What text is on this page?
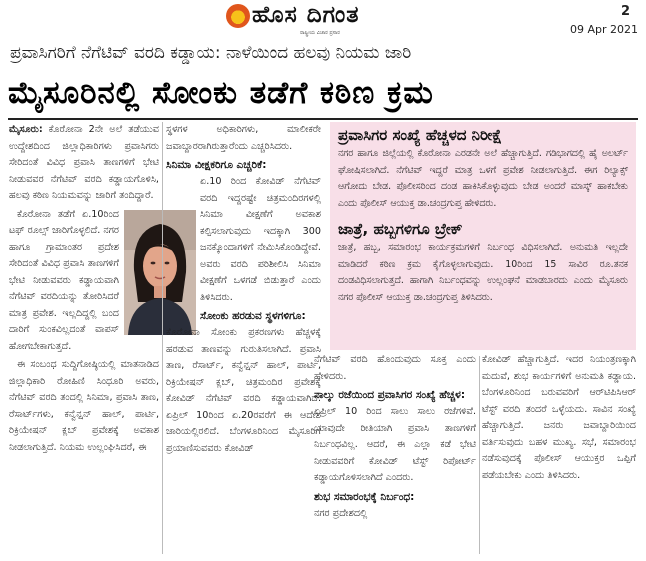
ಹೊಸ ದಿಗಂತ
ರಾಷ್ಟ್ರೀಯ ವಿಚಾರ ಪ್ರಸಾರ
2
09 Apr 2021
ಪ್ರವಾಸಿಗರಿಗೆ ನೆಗೆಟಿವ್ ವರದಿ ಕಡ್ಡಾಯ: ನಾಳೆಯಿಂದ ಹಲವು ನಿಯಮ ಜಾರಿ
ಮೈಸೂರಿನಲ್ಲಿ ಸೋಂಕು ತಡೆಗೆ ಕಠಿಣ ಕ್ರಮ

ಮೈಸೂರು: ಕೊರೋನಾ 2ನೇ ಅಲೆ ತಡೆಯುವ ಉದ್ದೇಶದಿಂದ ಜಿಲ್ಲಾಧಿಕಾರಿಗಳು ಪ್ರವಾಸಿಗರು ಸೇರಿದಂತೆ ವಿವಿಧ ಪ್ರವಾಸಿ ತಾಣಗಳಿಗೆ ಭೇಟಿ ನೀಡುವವರ ನೆಗೆಟಿವ್ ವರದಿ ಕಡ್ಡಾಯಗೊಳಿಸಿ, ಹಲವು ಕಠಿಣ ನಿಯಮವನ್ನು ಜಾರಿಗೆ ತಂದಿದ್ದಾರೆ.

ಕೊರೋನಾ ತಡೆಗೆ ಏ.10ರಿಂದ ಟಫ್ ರೂಲ್ಸ್ ಜಾರಿಗೊಳ್ಳಲಿದೆ. ನಗರ ಹಾಗೂ ಗ್ರಾಮಾಂತರ ಪ್ರದೇಶ ಸೇರಿದಂತೆ ವಿವಿಧ ಪ್ರವಾಸಿ ತಾಣಗಳಿಗೆ ಭೇಟಿ ನೀಡುವವರು ಕಡ್ಡಾಯವಾಗಿ ನೆಗೆಟಿವ್ ವರದಿಯನ್ನು ತೋರಿಸಿದರೆ ಮಾತ್ರ ಪ್ರವೇಶ. ಇಲ್ಲದಿದ್ದಲ್ಲಿ ಬಂದ ದಾರಿಗೆ ಸುಂಕವಿಲ್ಲದಂತೆ ವಾಪಸ್ ಹೋಗಬೇಕಾಗುತ್ತದೆ.

ಈ ಸಂಬಂಧ ಸುದ್ದಿಗೋಷ್ಠಿಯಲ್ಲಿ ಮಾತನಾಡಿದ ಜಿಲ್ಲಾಧಿಕಾರಿ ರೋಹಿಣಿ ಸಿಂಧೂರಿ ಅವರು, ನೆಗೆಟಿವ್ ವರದಿ ತಂದಲ್ಲಿ ಸಿನಿಮಾ, ಪ್ರವಾಸಿ ತಾಣ, ರೆಸಾರ್ಟ್‌ಗಳು, ಕನ್ವೆನ್ಷನ್ ಹಾಲ್, ಪಾರ್ಟಿ, ರಿಕ್ರಿಯೇಷನ್ ಕ್ಲಬ್ ಪ್ರವೇಶಕ್ಕೆ ಅವಕಾಶ ನೀಡಲಾಗುತ್ತಿದೆ. ನಿಯಮ ಉಲ್ಲಂಘಿಸಿದರೆ, ಈ

ಸ್ಥಳಗಳ ಅಧಿಕಾರಿಗಳು, ಮಾಲೀಕರೇ ಜವಾಬ್ದಾರರಾಗಿರುತ್ತಾರೆಂದು ಎಚ್ಚರಿಸಿದರು.

ಸಿನಿಮಾ ವೀಕ್ಷಕರಿಗೂ ಎಚ್ಚರಿಕೆ:

ಏ.10 ರಿಂದ ಕೋವಿಡ್ ನೆಗೆಟಿವ್ ವರದಿ ಇದ್ದರಷ್ಟೇ ಚಿತ್ರಮಂದಿರಗಳಲ್ಲಿ ಸಿನಿಮಾ ವೀಕ್ಷಣೆಗೆ ಅವಕಾಶ ಕಲ್ಪಿಸಲಾಗುವುದು ಇದಕ್ಕಾಗಿ 300 ಜನಕ್ಕೊಂದಾಗಳಿಗೆ ನೇಮಿಸಿಕೊಂಡಿದ್ದೇವೆ. ಅವರು ವರದಿ ಪರಿಶೀಲಿಸಿ ಸಿನಿಮಾ ವೀಕ್ಷಣೆಗೆ ಒಳಗಡೆ ಬಿಡುತ್ತಾರೆ ಎಂದು ತಿಳಿಸಿದರು.

ಸೋಂಕು ಹರಡುವ ಸ್ಥಳಗಳಿಗೂ:

ಕೊರೋನಾ ಸೋಂಕು ಪ್ರಕರಣಗಳು ಹೆಚ್ಚಳಕ್ಕೆ ಹರಡುವ ತಾಣವನ್ನು ಗುರುತಿಸಲಾಗಿದೆ. ಪ್ರವಾಸಿ ತಾಣ, ರೆಸಾರ್ಟ್, ಕನ್ವೆನ್ಷನ್ ಹಾಲ್, ಪಾರ್ಟಿ, ರಿಕ್ರಿಯೇಷನ್ ಕ್ಲಬ್, ಚಿತ್ರಮಂದಿರ ಪ್ರವೇಶಕ್ಕೆ ಕೋವಿಡ್ ನೆಗೆಟಿವ್ ವರದಿ ಕಡ್ಡಾಯವಾಗಿದೆ. ಏಪ್ರಿಲ್ 10ರಿಂದ ಏ.20ರವರೆಗೆ ಈ ಆದೇಶ ಜಾರಿಯಲ್ಲಿರಲಿದೆ. ಬೆಂಗಳೂರಿನಿಂದ ಮೈಸೂರಿಗೆ ಪ್ರಯಾಣಿಸುವವರು ಕೋವಿಡ್

ಪ್ರವಾಸಿಗರ ಸಂಖ್ಯೆ ಹೆಚ್ಚಳದ ನಿರೀಕ್ಷೆ
ನಗರ ಹಾಗೂ ಜಿಲ್ಲೆಯಲ್ಲಿ ಕೊರೋನಾ ಎರಡನೇ ಅಲೆ ಹೆಚ್ಚಾಗುತ್ತಿದೆ. ಗಡಿಭಾಗದಲ್ಲಿ ಹೈ ಅಲರ್ಟ್ ಘೋಷಿಸಲಾಗಿದೆ. ನೆಗೆಟಿವ್ ಇದ್ದರೆ ಮಾತ್ರ ಒಳಗೆ ಪ್ರವೇಶ ನೀಡಲಾಗುತ್ತಿದೆ. ಈಗ ರಿಲ್ಯಾಕ್ಸ್ ಆಗೋದು ಬೇಡ. ಪೊಲೀಸರಿಂದ ದಂಡ ಹಾಕಿಸಿಕೊಳ್ಳುವುದು ಬೇಡ ಅಂದರೆ ಮಾಸ್ಕ್ ಹಾಕಬೇಕು ಎಂದು ಪೊಲೀಸ್ ಆಯುಕ್ತ ಡಾ.ಚಂದ್ರಗುಪ್ತ ಹೇಳಿದರು.
ಜಾತ್ರೆ, ಹಬ್ಬಗಳಿಗೂ ಬ್ರೇಕ್
ಜಾತ್ರೆ, ಹಬ್ಬ, ಸಮಾರಂಭ ಕಾರ್ಯಕ್ರಮಗಳಿಗೆ ನಿರ್ಬಂಧ ವಿಧಿಸಲಾಗಿದೆ. ಅನುಮತಿ ಇಲ್ಲದೇ ಮಾಡಿದರೆ ಕಠಿಣ ಕ್ರಮ ಕೈಗೊಳ್ಳಲಾಗುವುದು. 10ರಿಂದ 15 ಸಾವಿರ ರೂ.ತನಕ ದಂಡವಿಧಿಸಲಾಗುತ್ತದೆ. ಹಾಗಾಗಿ ನಿರ್ಬಂಧವನ್ನು ಉಲ್ಲಂಘನೆ ಮಾಡಬಾರದು ಎಂದು ಮೈಸೂರು ನಗರ ಪೊಲೀಸ್ ಆಯುಕ್ತ ಡಾ.ಚಂದ್ರಗುಪ್ತ ತಿಳಿಸಿದರು.

ನೆಗೆಟಿವ್ ವರದಿ ಹೊಂದುವುದು ಸೂಕ್ತ ಎಂದು ಹೇಳಿದರು.

ನಾಲ್ಕು ರಜೆಯಿಂದ ಪ್ರವಾಸಿಗರ ಸಂಖ್ಯೆ ಹೆಚ್ಚಳ:

ಏಪ್ರಿಲ್ 10 ರಿಂದ ಸಾಲು ಸಾಲು ರಜೆಗಳಿವೆ. ಯಾವುದೇ ರೀತಿಯಾಗಿ ಪ್ರವಾಸಿ ತಾಣಗಳಿಗೆ ನಿರ್ಬಂಧವಿಲ್ಲ. ಆದರೆ, ಈ ಎಲ್ಲಾ ಕಡೆ ಭೇಟಿ ನೀಡುವವರಿಗೆ ಕೋವಿಡ್ ಟೆಸ್ಟ್ ರಿಪೋರ್ಟ್ ಕಡ್ಡಾಯಗೊಳಿಸಲಾಗಿದೆ ಎಂದರು.

ಶುಭ ಸಮಾರಂಭಕ್ಕೆ ನಿರ್ಬಂಧ:

ನಗರ ಪ್ರದೇಶದಲ್ಲಿ

ಕೋವಿಡ್ ಹೆಚ್ಚಾಗುತ್ತಿದೆ. ಇದರ ನಿಯಂತ್ರಣಕ್ಕಾಗಿ ಮದುವೆ, ಶುಭ ಕಾರ್ಯಗಳಿಗೆ ಅನುಮತಿ ಕಡ್ಡಾಯ. ಬೆಂಗಳೂರಿನಿಂದ ಬರುವವರಿಗೆ ಆರ್‌ಟಿಪಿಸಿಆರ್ ಟೆಸ್ಟ್ ವರದಿ ತಂದರೆ ಒಳ್ಳೆಯದು. ಸಾವಿನ ಸಂಖ್ಯೆ ಹೆಚ್ಚಾಗುತ್ತಿದೆ. ಜನರು ಜವಾಬ್ದಾರಿಯಿಂದ ವರ್ತಿಸುವುದು ಬಹಳ ಮುಖ್ಯ. ಸಭೆ, ಸಮಾರಂಭ ನಡೆಸುವುದಕ್ಕೆ ಪೊಲೀಸ್ ಆಯುಕ್ತರ ಒಪ್ಪಿಗೆ ಪಡೆಯಬೇಕು ಎಂದು ತಿಳಿಸಿದರು.
